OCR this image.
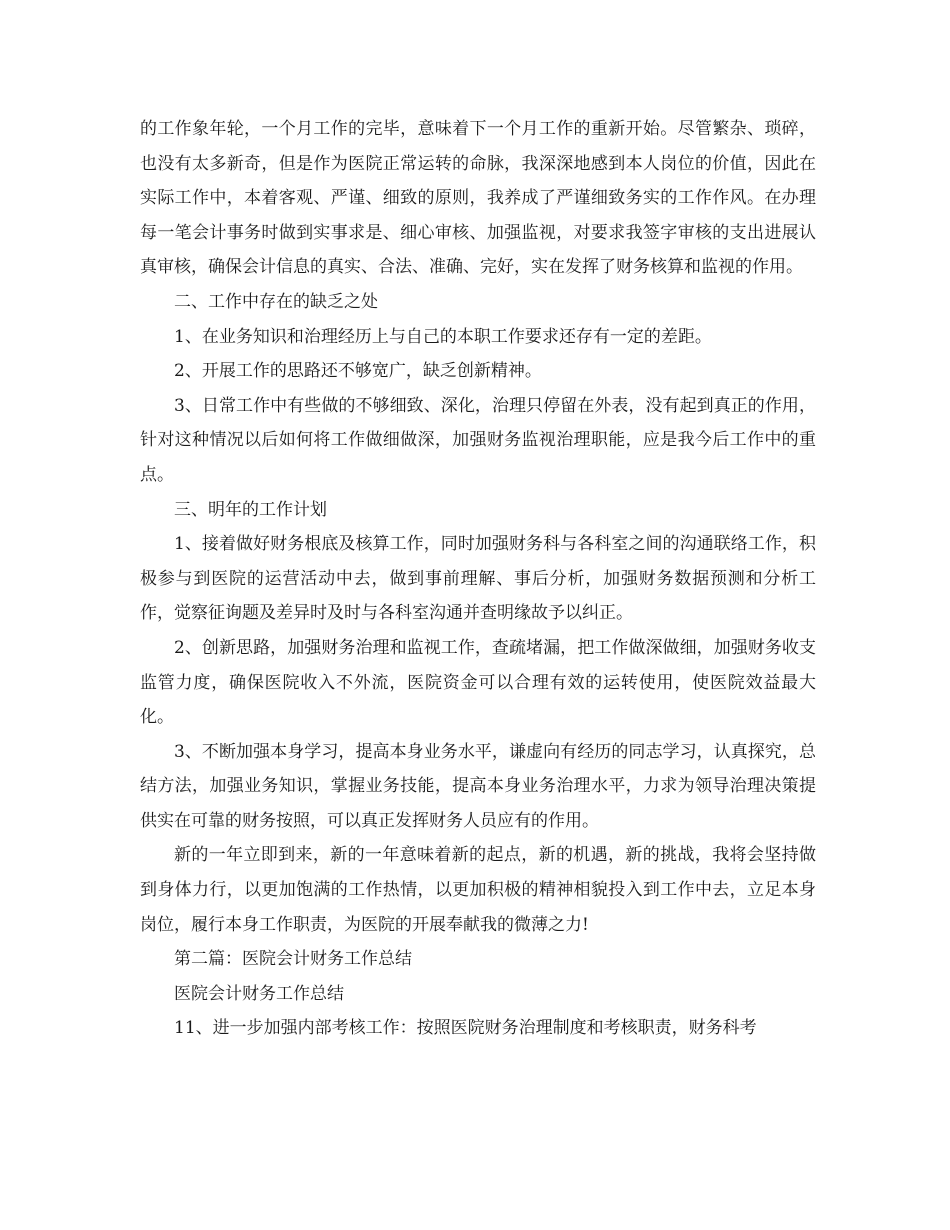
的工作象年轮，一个月工作的完毕，意味着下一个月工作的重新开始。尽管繁杂、琐碎，也没有太多新奇，但是作为医院正常运转的命脉，我深深地感到本人岗位的价值，因此在实际工作中，本着客观、严谨、细致的原则，我养成了严谨细致务实的工作作风。在办理每一笔会计事务时做到实事求是、细心审核、加强监视，对要求我签字审核的支出进展认真审核，确保会计信息的真实、合法、准确、完好，实在发挥了财务核算和监视的作用。

二、工作中存在的缺乏之处

1、在业务知识和治理经历上与自己的本职工作要求还存有一定的差距。

2、开展工作的思路还不够宽广，缺乏创新精神。

3、日常工作中有些做的不够细致、深化，治理只停留在外表，没有起到真正的作用，针对这种情况以后如何将工作做细做深，加强财务监视治理职能，应是我今后工作中的重点。

三、明年的工作计划

1、接着做好财务根底及核算工作，同时加强财务科与各科室之间的沟通联络工作，积极参与到医院的运营活动中去，做到事前理解、事后分析，加强财务数据预测和分析工作，觉察征询题及差异时及时与各科室沟通并查明缘故予以纠正。

2、创新思路，加强财务治理和监视工作，查疏堵漏，把工作做深做细，加强财务收支监管力度，确保医院收入不外流，医院资金可以合理有效的运转使用，使医院效益最大化。

3、不断加强本身学习，提高本身业务水平，谦虚向有经历的同志学习，认真探究，总结方法，加强业务知识，掌握业务技能，提高本身业务治理水平，力求为领导治理决策提供实在可靠的财务按照，可以真正发挥财务人员应有的作用。

新的一年立即到来，新的一年意味着新的起点，新的机遇，新的挑战，我将会坚持做到身体力行，以更加饱满的工作热情，以更加积极的精神相貌投入到工作中去，立足本身岗位，履行本身工作职责，为医院的开展奉献我的微薄之力!

第二篇：医院会计财务工作总结

医院会计财务工作总结

11、进一步加强内部考核工作：按照医院财务治理制度和考核职责，财务科考
